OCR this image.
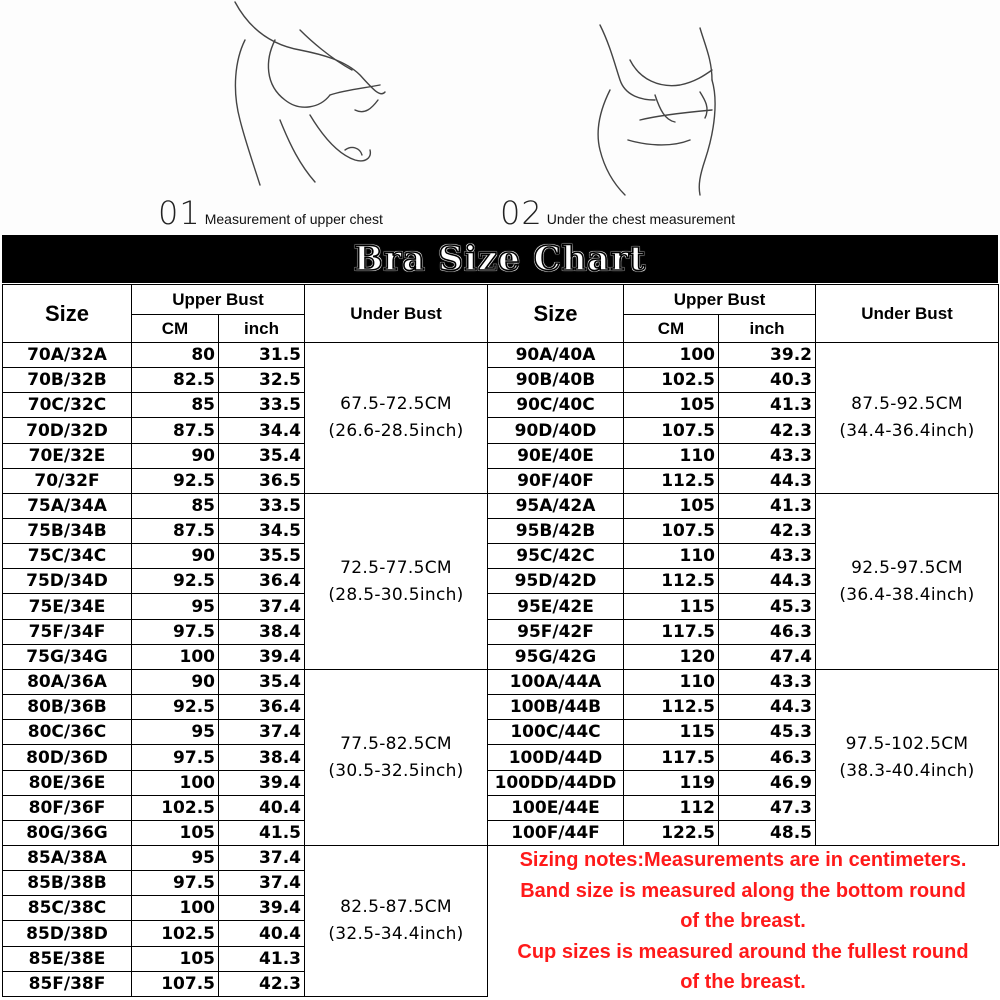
01 Measurement of upper chest	02 Under the chest measurement
Bra Size Chart
Size
Upper Bust
CM	inch
Under Bust
70A/32A	80	31.5
70B/32B	82.5	32.5
70C/32C	85	33.5
70D/32D	87.5	34.4
70E/32E	90	35.4
70/32F	92.5	36.5
67.5-72.5CM
(26.6-28.5inch)
75A/34A	85	33.5
75B/34B	87.5	34.5
75C/34C	90	35.5
75D/34D	92.5	36.4
75E/34E	95	37.4
75F/34F	97.5	38.4
75G/34G	100	39.4
72.5-77.5CM
(28.5-30.5inch)
80A/36A	90	35.4
80B/36B	92.5	36.4
80C/36C	95	37.4
80D/36D	97.5	38.4
80E/36E	100	39.4
80F/36F	102.5	40.4
80G/36G	105	41.5
77.5-82.5CM
(30.5-32.5inch)
85A/38A	95	37.4
85B/38B	97.5	37.4
85C/38C	100	39.4
85D/38D	102.5	40.4
85E/38E	105	41.3
85F/38F	107.5	42.3
82.5-87.5CM
(32.5-34.4inch)
Size
Upper Bust
CM	inch
Under Bust
90A/40A	100	39.2
90B/40B	102.5	40.3
90C/40C	105	41.3
90D/40D	107.5	42.3
90E/40E	110	43.3
90F/40F	112.5	44.3
87.5-92.5CM
(34.4-36.4inch)
95A/42A	105	41.3
95B/42B	107.5	42.3
95C/42C	110	43.3
95D/42D	112.5	44.3
95E/42E	115	45.3
95F/42F	117.5	46.3
95G/42G	120	47.4
92.5-97.5CM
(36.4-38.4inch)
100A/44A	110	43.3
100B/44B	112.5	44.3
100C/44C	115	45.3
100D/44D	117.5	46.3
100DD/44DD	119	46.9
100E/44E	112	47.3
100F/44F	122.5	48.5
97.5-102.5CM
(38.3-40.4inch)
Sizing notes:Measurements are in centimeters.
Band size is measured along the bottom round
of the breast.
Cup sizes is measured around the fullest round
of the breast.
